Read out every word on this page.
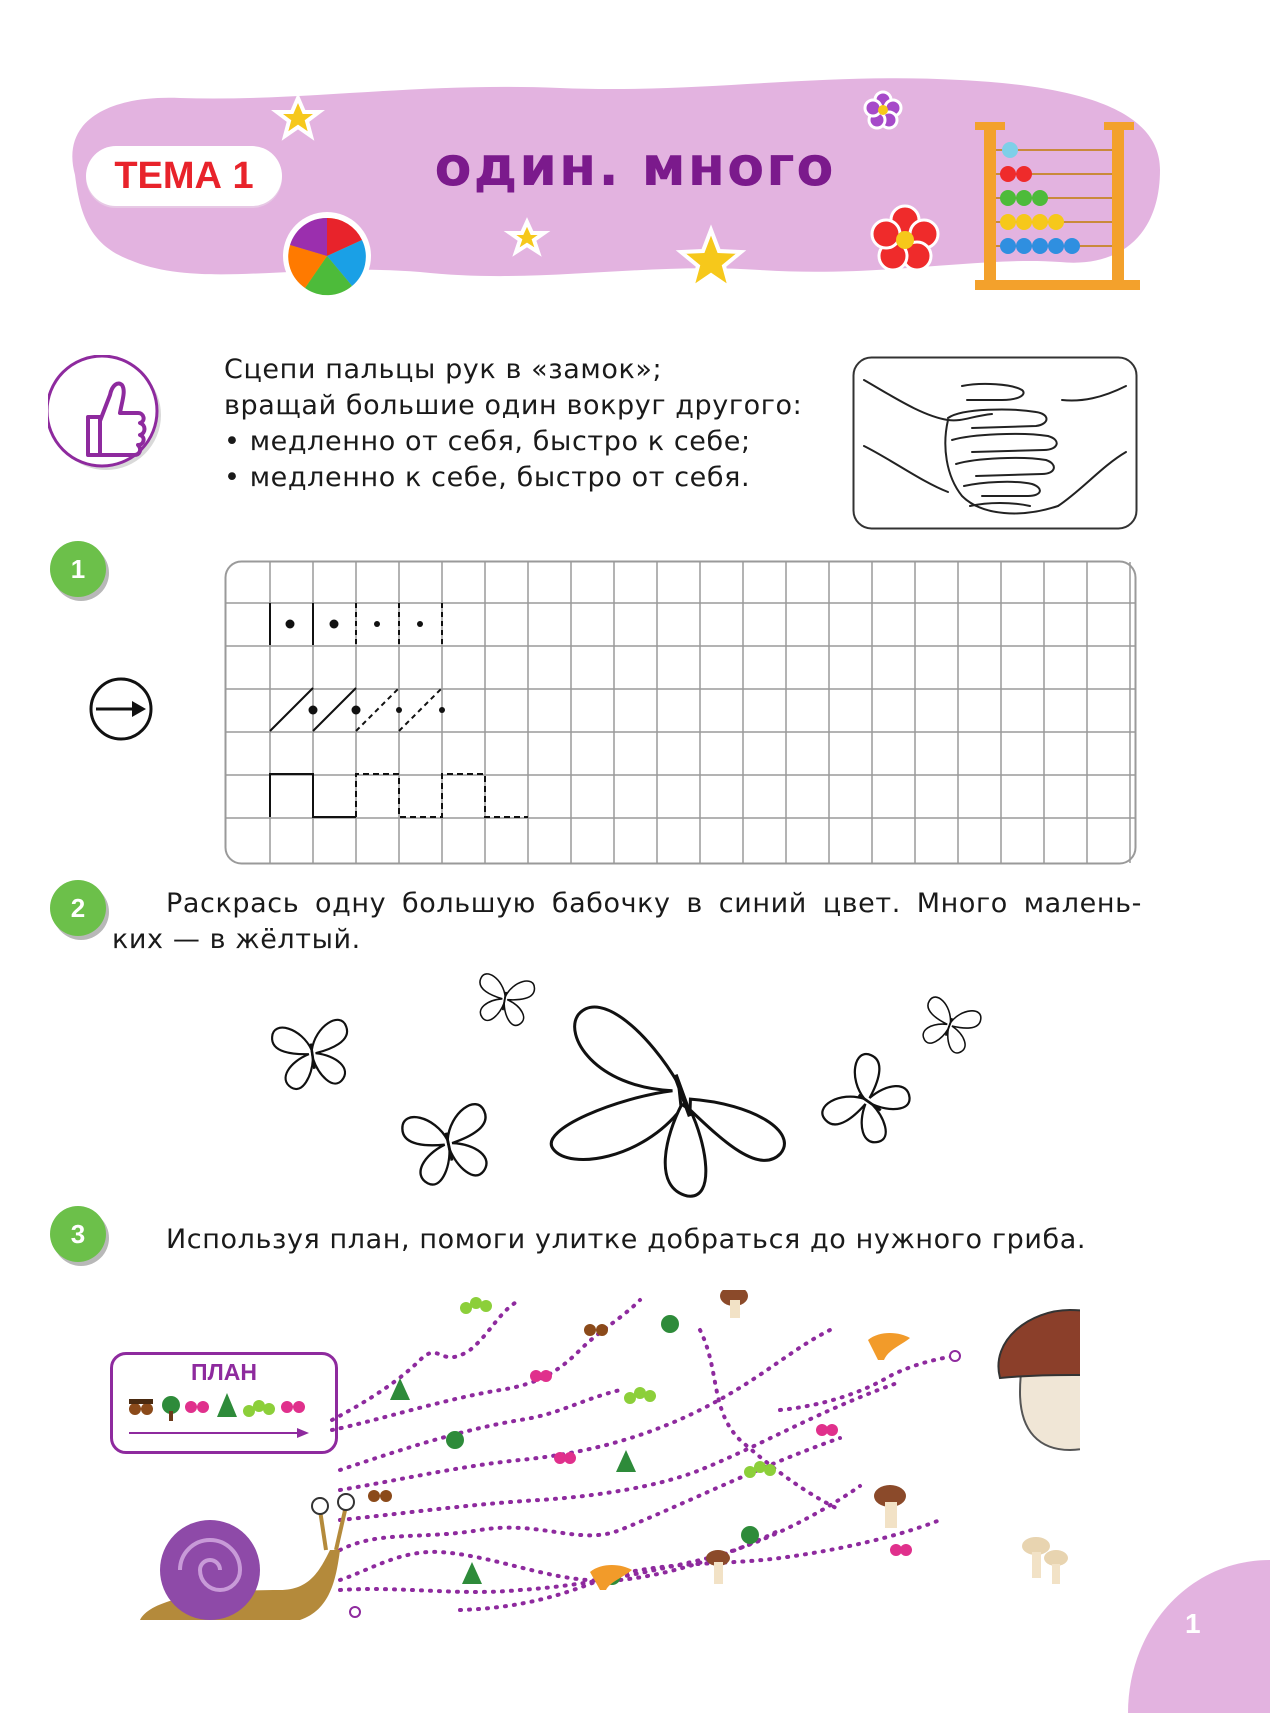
ТЕМА 1	один. много
Сцепи пальцы рук в «замок»;
вращай большие один вокруг другого:
• медленно от себя, быстро к себе;
• медленно к себе, быстро от себя.
1
2	Раскрась одну большую бабочку в синий цвет. Много малень-
ких — в жёлтый.
3	Используя план, помоги улитке добраться до нужного гриба.
ПЛАН
1
